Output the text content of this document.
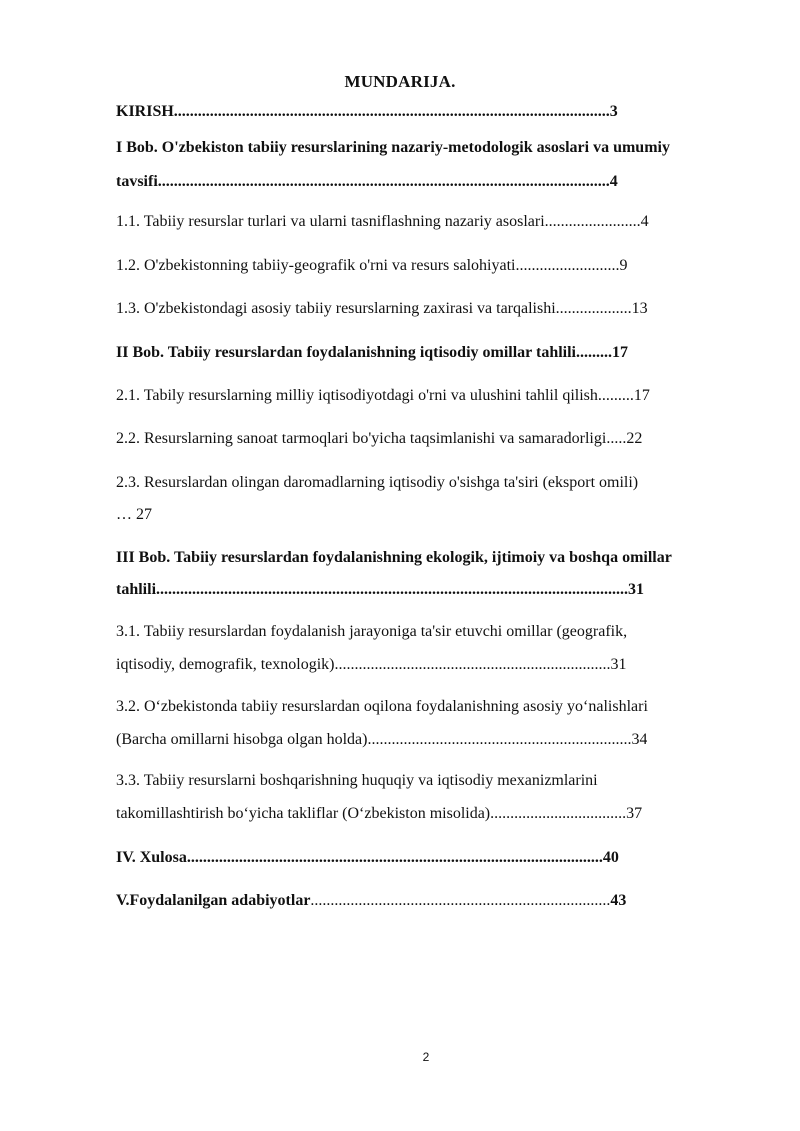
MUNDARIJA.
KIRISH.............................................................................................................3
I Bob. O'zbekiston tabiiy resurslarining nazariy-metodologik asoslari va umumiy
tavsifi.................................................................................................................4
1.1. Tabiiy resurslar turlari va ularni tasniflashning nazariy asoslari........................4
1.2. O'zbekistonning tabiiy-geografik o'rni va resurs salohiyati..........................9
1.3. O'zbekistondagi asosiy tabiiy resurslarning zaxirasi va tarqalishi...................13
II Bob. Tabiiy resurslardan foydalanishning iqtisodiy omillar tahlili.........17
2.1. Tabily resurslarning milliy iqtisodiyotdagi o'rni va ulushini tahlil qilish.........17
2.2. Resurslarning sanoat tarmoqlari bo'yicha taqsimlanishi va samaradorligi.....22
2.3. Resurslardan olingan daromadlarning iqtisodiy o'sishga ta'siri (eksport omili)
… 27
III Bob. Tabiiy resurslardan foydalanishning ekologik, ijtimoiy va boshqa omillar
tahlili......................................................................................................................31
3.1. Tabiiy resurslardan foydalanish jarayoniga ta'sir etuvchi omillar (geografik,
iqtisodiy, demografik, texnologik).....................................................................31
3.2. O‘zbekistonda tabiiy resurslardan oqilona foydalanishning asosiy yo‘nalishlari
(Barcha omillarni hisobga olgan holda)..................................................................34
3.3. Tabiiy resurslarni boshqarishning huquqiy va iqtisodiy mexanizmlarini
takomillashtirish bo‘yicha takliflar (O‘zbekiston misolida)..................................37
IV. Xulosa........................................................................................................40
V.Foydalanilgan adabiyotlar...........................................................................43
2
